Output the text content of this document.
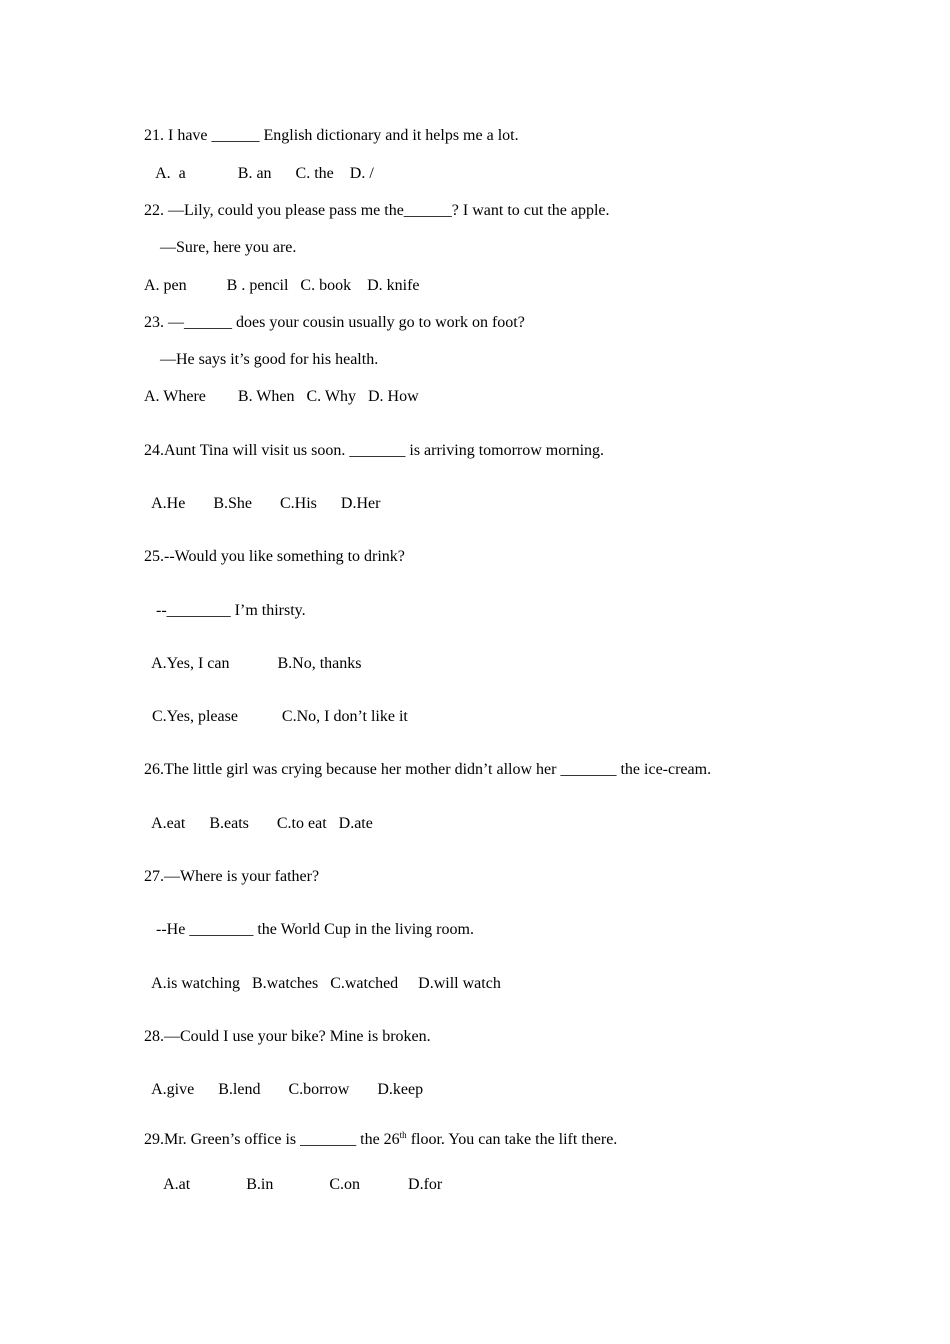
21. I have ______ English dictionary and it helps me a lot.
A.  a             B. an      C. the    D. /
22. —Lily, could you please pass me the______? I want to cut the apple.
—Sure, here you are.
A. pen          B . pencil   C. book    D. knife
23. —______ does your cousin usually go to work on foot?
—He says it’s good for his health.
A. Where        B. When   C. Why   D. How
24.Aunt Tina will visit us soon. _______ is arriving tomorrow morning.
A.He       B.She       C.His      D.Her
25.--Would you like something to drink?
--________ I’m thirsty.
A.Yes, I can            B.No, thanks
C.Yes, please           C.No, I don’t like it
26.The little girl was crying because her mother didn’t allow her _______ the ice-cream.
A.eat      B.eats       C.to eat   D.ate
27.—Where is your father?
--He ________ the World Cup in the living room.
A.is watching   B.watches   C.watched     D.will watch
28.—Could I use your bike? Mine is broken.
A.give      B.lend       C.borrow       D.keep
29.Mr. Green’s office is _______ the 26th floor. You can take the lift there.
A.at              B.in              C.on            D.for
